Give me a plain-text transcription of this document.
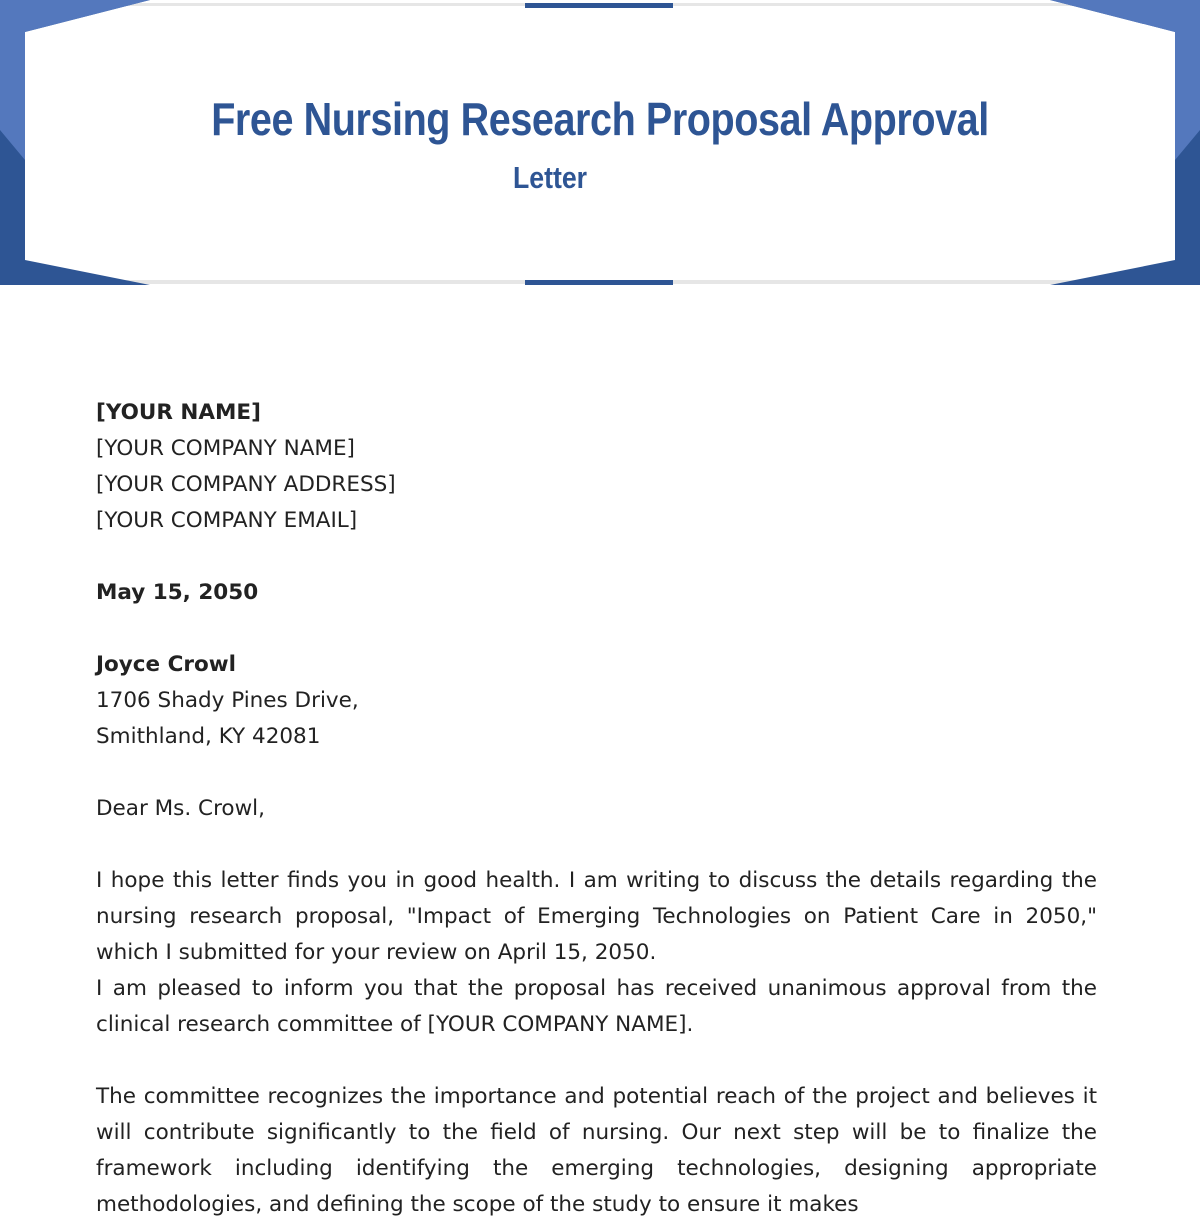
Free Nursing Research Proposal Approval
Letter
[YOUR NAME]
[YOUR COMPANY NAME]
[YOUR COMPANY ADDRESS]
[YOUR COMPANY EMAIL]
May 15, 2050
Joyce Crowl
1706 Shady Pines Drive,
Smithland, KY 42081
Dear Ms. Crowl,

I hope this letter finds you in good health. I am writing to discuss the details regarding the nursing research proposal, "Impact of Emerging Technologies on Patient Care in 2050," which I submitted for your review on April 15, 2050.

I am pleased to inform you that the proposal has received unanimous approval from the clinical research committee of [YOUR COMPANY NAME].

The committee recognizes the importance and potential reach of the project and believes it will contribute significantly to the field of nursing. Our next step will be to finalize the framework including identifying the emerging technologies, designing appropriate methodologies, and defining the scope of the study to ensure it makes
